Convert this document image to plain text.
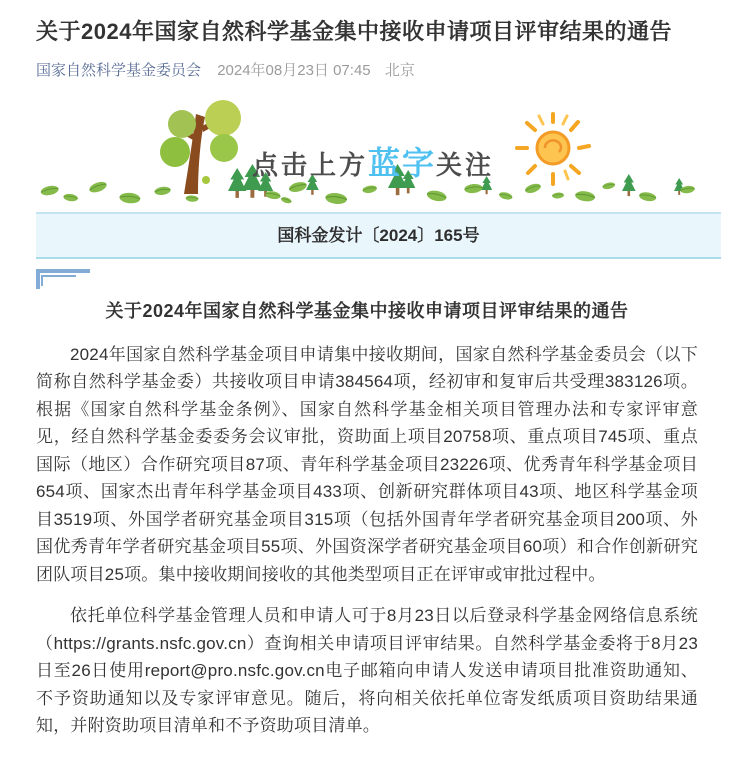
关于2024年国家自然科学基金集中接收申请项目评审结果的通告
国家自然科学基金委员会 2024年08月23日 07:45 北京
点击上方蓝字关注
国科金发计〔2024〕165号
关于2024年国家自然科学基金集中接收申请项目评审结果的通告

2024年国家自然科学基金项目申请集中接收期间，国家自然科学基金委员会（以下简称自然科学基金委）共接收项目申请384564项，经初审和复审后共受理383126项。根据《国家自然科学基金条例》、国家自然科学基金相关项目管理办法和专家评审意见，经自然科学基金委委务会议审批，资助面上项目20758项、重点项目745项、重点国际（地区）合作研究项目87项、青年科学基金项目23226项、优秀青年科学基金项目654项、国家杰出青年科学基金项目433项、创新研究群体项目43项、地区科学基金项目3519项、外国学者研究基金项目315项（包括外国青年学者研究基金项目200项、外国优秀青年学者研究基金项目55项、外国资深学者研究基金项目60项）和合作创新研究团队项目25项。集中接收期间接收的其他类型项目正在评审或审批过程中。

依托单位科学基金管理人员和申请人可于8月23日以后登录科学基金网络信息系统（https://grants.nsfc.gov.cn）查询相关申请项目评审结果。自然科学基金委将于8月23日至26日使用report@pro.nsfc.gov.cn电子邮箱向申请人发送申请项目批准资助通知、不予资助通知以及专家评审意见。随后，将向相关依托单位寄发纸质项目资助结果通知，并附资助项目清单和不予资助项目清单。
